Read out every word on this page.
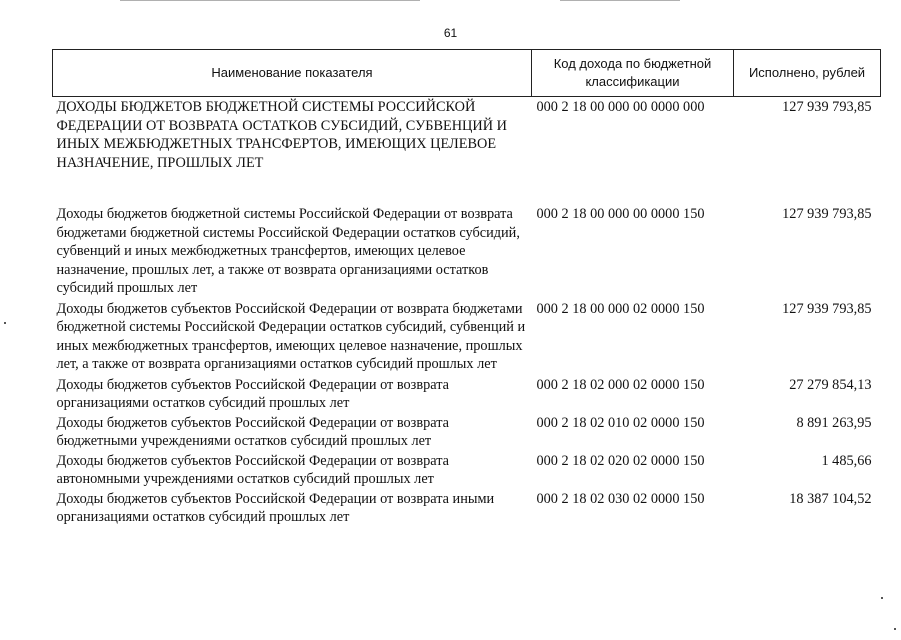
61
Наименование показателя	Код дохода по бюджетной классификации	Исполнено, рублей
ДОХОДЫ БЮДЖЕТОВ БЮДЖЕТНОЙ СИСТЕМЫ РОССИЙСКОЙ ФЕДЕРАЦИИ ОТ ВОЗВРАТА ОСТАТКОВ СУБСИДИЙ, СУБВЕНЦИЙ И ИНЫХ МЕЖБЮДЖЕТНЫХ ТРАНСФЕРТОВ, ИМЕЮЩИХ ЦЕЛЕВОЕ НАЗНАЧЕНИЕ, ПРОШЛЫХ ЛЕТ	000 2 18 00 000 00 0000 000	127 939 793,85
Доходы бюджетов бюджетной системы Российской Федерации от возврата бюджетами бюджетной системы Российской Федерации остатков субсидий, субвенций и иных межбюджетных трансфертов, имеющих целевое назначение, прошлых лет, а также от возврата организациями остатков субсидий прошлых лет	000 2 18 00 000 00 0000 150	127 939 793,85
Доходы бюджетов субъектов Российской Федерации от возврата бюджетами бюджетной системы Российской Федерации остатков субсидий, субвенций и иных межбюджетных трансфертов, имеющих целевое назначение, прошлых лет, а также от возврата организациями остатков субсидий прошлых лет	000 2 18 00 000 02 0000 150	127 939 793,85
Доходы бюджетов субъектов Российской Федерации от возврата организациями остатков субсидий прошлых лет	000 2 18 02 000 02 0000 150	27 279 854,13
Доходы бюджетов субъектов Российской Федерации от возврата бюджетными учреждениями остатков субсидий прошлых лет	000 2 18 02 010 02 0000 150	8 891 263,95
Доходы бюджетов субъектов Российской Федерации от возврата автономными учреждениями остатков субсидий прошлых лет	000 2 18 02 020 02 0000 150	1 485,66
Доходы бюджетов субъектов Российской Федерации от возврата иными организациями остатков субсидий прошлых лет	000 2 18 02 030 02 0000 150	18 387 104,52
